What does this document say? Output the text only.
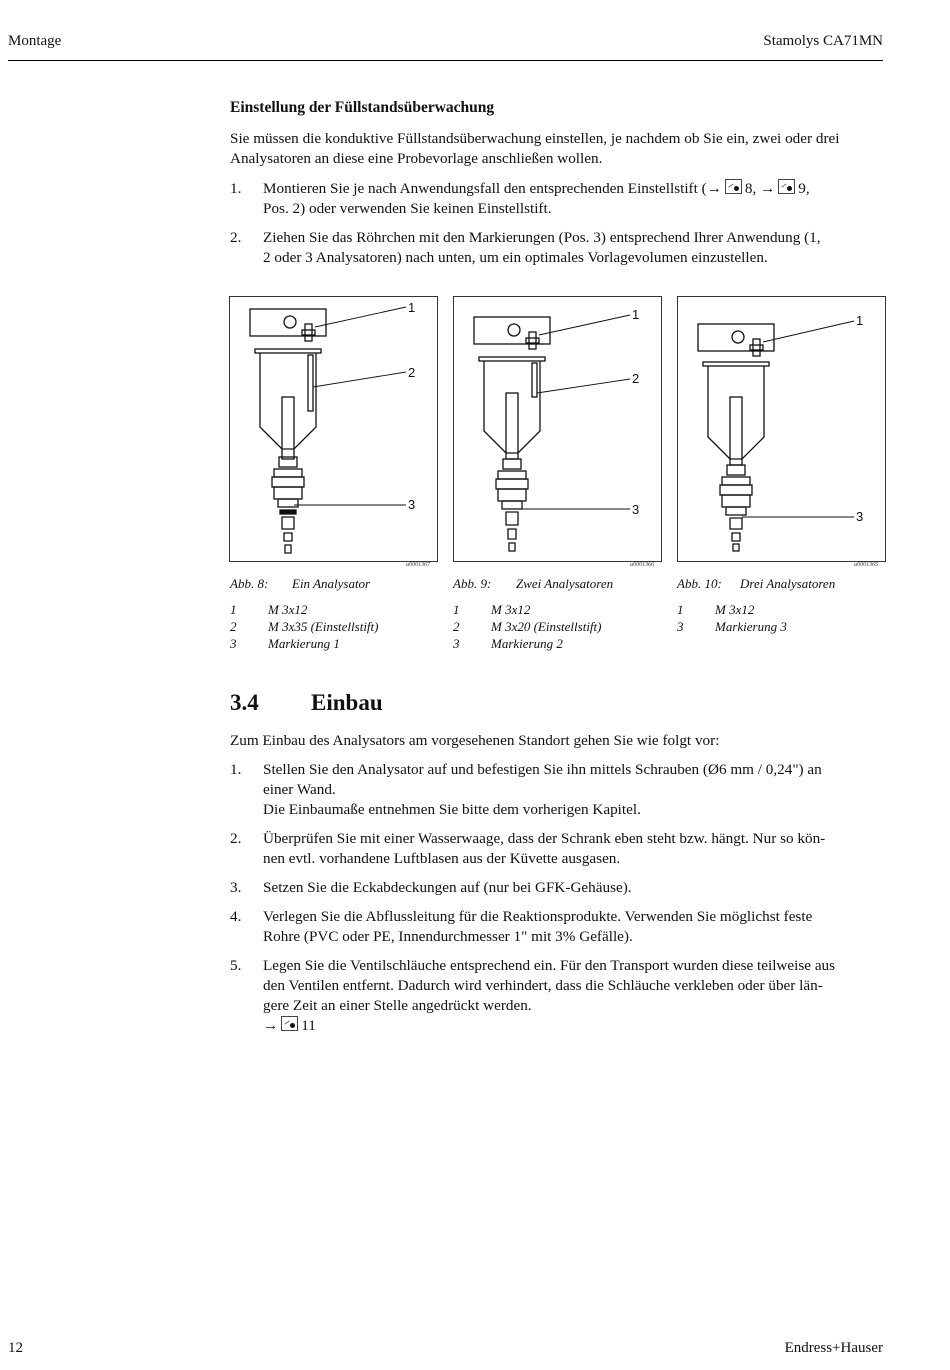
Montage	Stamolys CA71MN
Einstellung der Füllstandsüberwachung

Sie müssen die konduktive Füllstandsüberwachung einstellen, je nachdem ob Sie ein, zwei oder drei
Analysatoren an diese eine Probevorlage anschließen wollen.

1. Montieren Sie je nach Anwendungsfall den entsprechenden Einstellstift (→ 8, → 9,
Pos. 2) oder verwenden Sie keinen Einstellstift.
2. Ziehen Sie das Röhrchen mit den Markierungen (Pos. 3) entsprechend Ihrer Anwendung (1,
2 oder 3 Analysatoren) nach unten, um ein optimales Vorlagevolumen einzustellen.
1
2
3
a0001367
1
2
3
a0001366
1
3
a0001365
Abb. 8: Ein Analysator	Abb. 9: Zwei Analysatoren	Abb. 10: Drei Analysatoren
1 M 3x12
2 M 3x35 (Einstellstift)
3 Markierung 1
1 M 3x12
2 M 3x20 (Einstellstift)
3 Markierung 2
1 M 3x12
3 Markierung 3
3.4 Einbau

Zum Einbau des Analysators am vorgesehenen Standort gehen Sie wie folgt vor:

1. Stellen Sie den Analysator auf und befestigen Sie ihn mittels Schrauben (Ø6 mm / 0,24") an
einer Wand.
Die Einbaumaße entnehmen Sie bitte dem vorherigen Kapitel.
2. Überprüfen Sie mit einer Wasserwaage, dass der Schrank eben steht bzw. hängt. Nur so kön-
nen evtl. vorhandene Luftblasen aus der Küvette ausgasen.
3. Setzen Sie die Eckabdeckungen auf (nur bei GFK-Gehäuse).
4. Verlegen Sie die Abflussleitung für die Reaktionsprodukte. Verwenden Sie möglichst feste
Rohre (PVC oder PE, Innendurchmesser 1" mit 3% Gefälle).
5. Legen Sie die Ventilschläuche entsprechend ein. Für den Transport wurden diese teilweise aus
den Ventilen entfernt. Dadurch wird verhindert, dass die Schläuche verkleben oder über län-
gere Zeit an einer Stelle angedrückt werden.
→ 11
12	Endress+Hauser
